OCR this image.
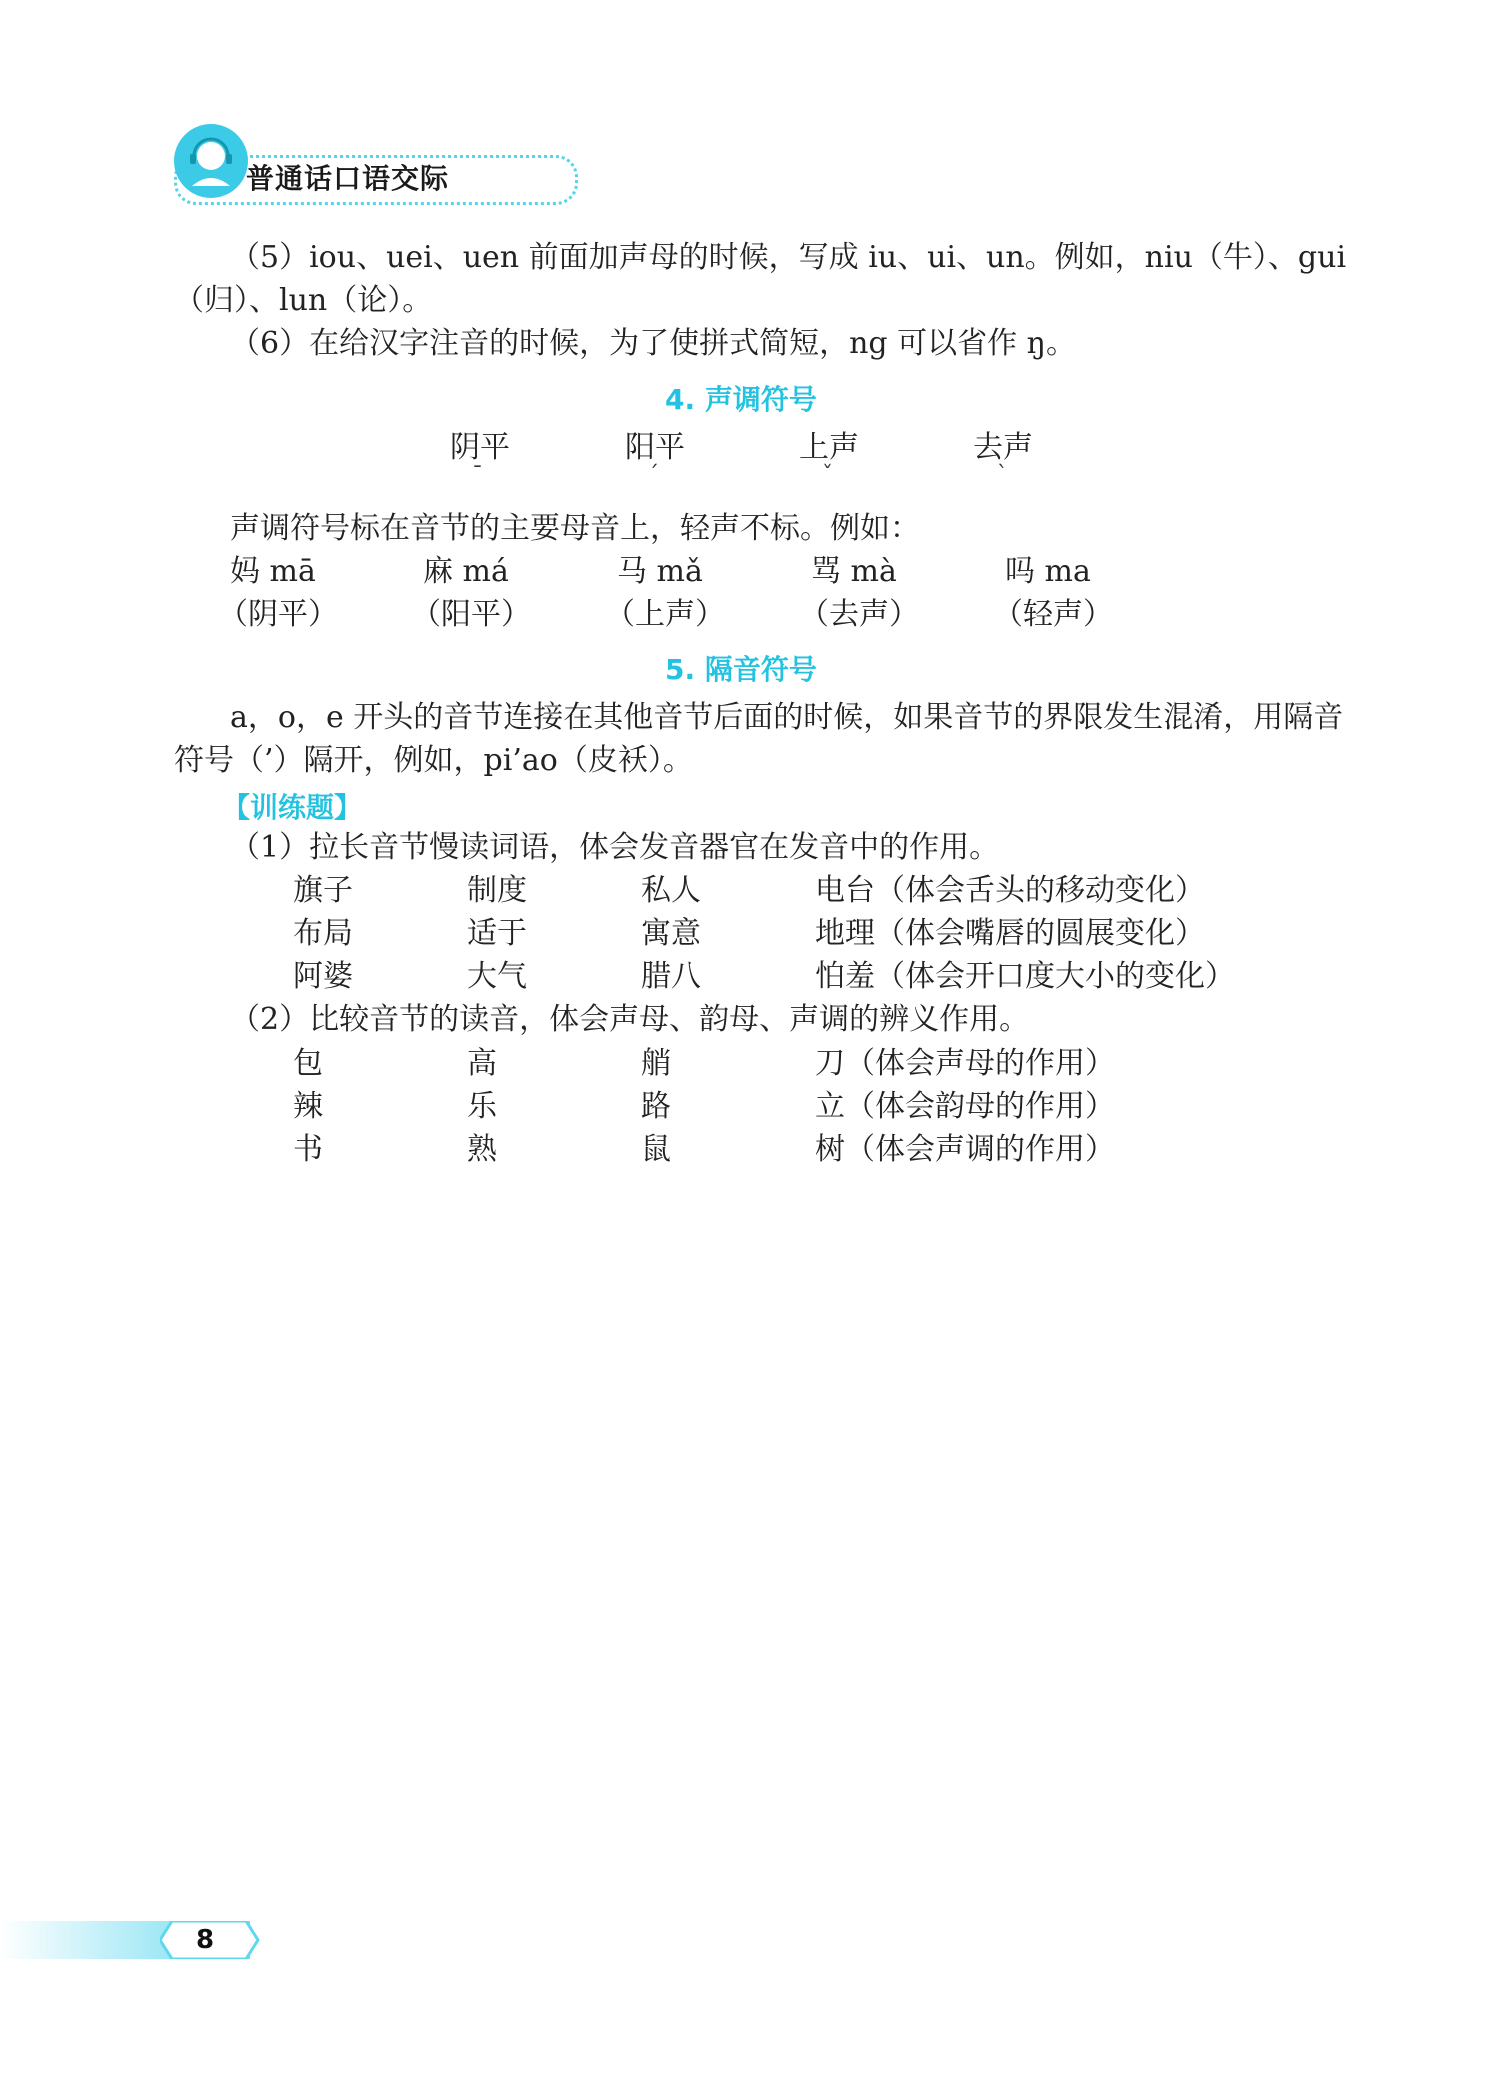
普通话口语交际
（5）iou、uei、uen 前面加声母的时候，写成 iu、ui、un。例如，niu（牛）、gui
（归）、lun（论）。
（6）在给汉字注音的时候，为了使拼式简短，ng 可以省作 ŋ。
4. 声调符号
阴平	阳平	上声	去声
ˉ	ˊ	ˇ	ˋ
声调符号标在音节的主要母音上，轻声不标。例如：
妈 mā	麻 má	马 mǎ	骂 mà	吗 ma
（阴平） （阳平） （上声） （去声） （轻声）
5. 隔音符号
a，o，e 开头的音节连接在其他音节后面的时候，如果音节的界限发生混淆，用隔音
符号（’）隔开，例如，pi’ao（皮袄）。
【训练题】
（1）拉长音节慢读词语，体会发音器官在发音中的作用。
旗子	制度	私人	电台（体会舌头的移动变化）
布局	适于	寓意	地理（体会嘴唇的圆展变化）
阿婆	大气	腊八	怕羞（体会开口度大小的变化）
（2）比较音节的读音，体会声母、韵母、声调的辨义作用。
包	高	艄	刀（体会声母的作用）
辣	乐	路	立（体会韵母的作用）
书	熟	鼠	树（体会声调的作用）
8
